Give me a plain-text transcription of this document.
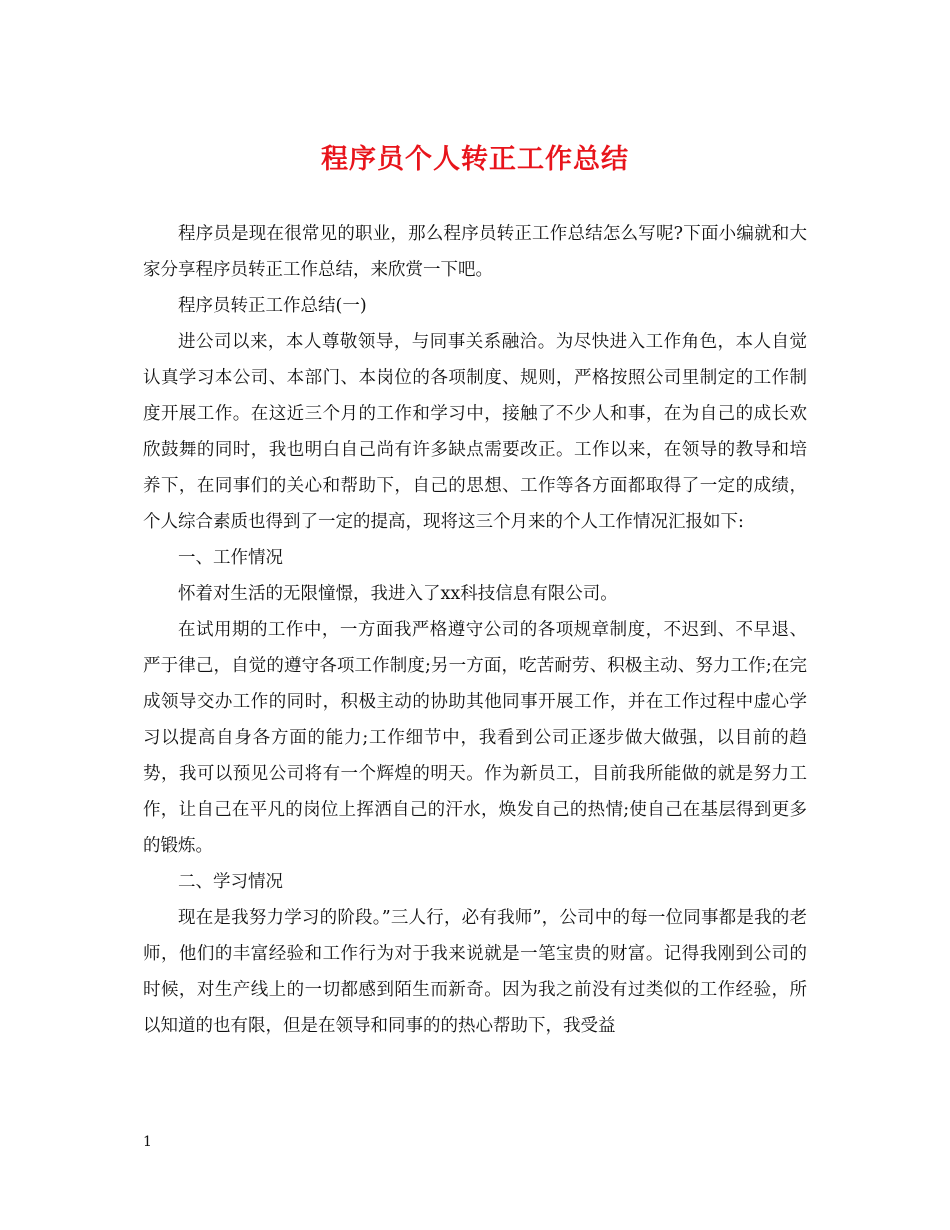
程序员个人转正工作总结

程序员是现在很常见的职业，那么程序员转正工作总结怎么写呢?下面小编就和大家分享程序员转正工作总结，来欣赏一下吧。

程序员转正工作总结(一)

进公司以来，本人尊敬领导，与同事关系融洽。为尽快进入工作角色，本人自觉认真学习本公司、本部门、本岗位的各项制度、规则，严格按照公司里制定的工作制度开展工作。在这近三个月的工作和学习中，接触了不少人和事，在为自己的成长欢欣鼓舞的同时，我也明白自己尚有许多缺点需要改正。工作以来，在领导的教导和培养下，在同事们的关心和帮助下，自己的思想、工作等各方面都取得了一定的成绩，个人综合素质也得到了一定的提高，现将这三个月来的个人工作情况汇报如下:

一、工作情况

怀着对生活的无限憧憬，我进入了xx科技信息有限公司。

在试用期的工作中，一方面我严格遵守公司的各项规章制度，不迟到、不早退、严于律己，自觉的遵守各项工作制度;另一方面，吃苦耐劳、积极主动、努力工作;在完成领导交办工作的同时，积极主动的协助其他同事开展工作，并在工作过程中虚心学习以提高自身各方面的能力;工作细节中，我看到公司正逐步做大做强，以目前的趋势，我可以预见公司将有一个辉煌的明天。作为新员工，目前我所能做的就是努力工作，让自己在平凡的岗位上挥洒自己的汗水，焕发自己的热情;使自己在基层得到更多的锻炼。

二、学习情况

现在是我努力学习的阶段。”三人行，必有我师”，公司中的每一位同事都是我的老师，他们的丰富经验和工作行为对于我来说就是一笔宝贵的财富。记得我刚到公司的时候，对生产线上的一切都感到陌生而新奇。因为我之前没有过类似的工作经验，所以知道的也有限，但是在领导和同事的的热心帮助下，我受益

1
